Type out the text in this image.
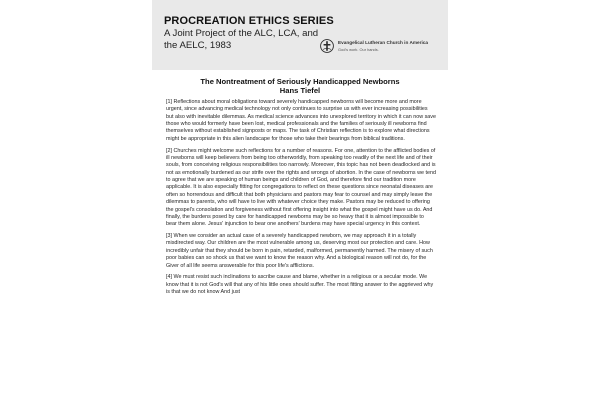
PROCREATION ETHICS SERIES
A Joint Project of the ALC, LCA, and the AELC, 1983	Evangelical Lutheran Church in America
God's work. Our hands.
The Nontreatment of Seriously Handicapped Newborns
Hans Tiefel

[1] Reflections about moral obligations toward severely handicapped newborns will become more and more urgent, since advancing medical technology not only continues to surprise us with ever increasing possibilities but also with inevitable dilemmas. As medical science advances into unexplored territory in which it can now save those who would formerly have been lost, medical professionals and the families of seriously ill newborns find themselves without established signposts or maps. The task of Christian reflection is to explore what directions might be appropriate in this alien landscape for those who take their bearings from biblical traditions.

[2] Churches might welcome such reflections for a number of reasons. For one, attention to the afflicted bodies of ill newborns will keep believers from being too otherworldly, from speaking too readily of the next life and of their souls, from conceiving religious responsibilities too narrowly. Moreover, this topic has not been deadlocked and is not as emotionally burdened as our strife over the rights and wrongs of abortion. In the case of newborns we tend to agree that we are speaking of human beings and children of God, and therefore find our tradition more applicable. It is also especially fitting for congregations to reflect on these questions since neonatal diseases are often so horrendous and difficult that both physicians and pastors may fear to counsel and may simply leave the dilemmas to parents, who will have to live with whatever choice they make. Pastors may be reduced to offering the gospel's consolation and forgiveness without first offering insight into what the gospel might have us do. And finally, the burdens posed by care for handicapped newborns may be so heavy that it is almost impossible to bear them alone. Jesus' injunction to bear one anothers' burdens may have special urgency in this context.

[3] When we consider an actual case of a severely handicapped newborn, we may approach it in a totally misdirected way. Our children are the most vulnerable among us, deserving most our protection and care. How incredibly unfair that they should be born in pain, retarded, malformed, permanently harmed. The misery of such poor babies can so shock us that we want to know the reason why. And a biological reason will not do, for the Giver of all life seems answerable for this poor life's afflictions.

[4] We must resist such inclinations to ascribe cause and blame, whether in a religious or a secular mode. We know that it is not God's will that any of his little ones should suffer. The most fitting answer to the aggrieved why is that we do not know And just
